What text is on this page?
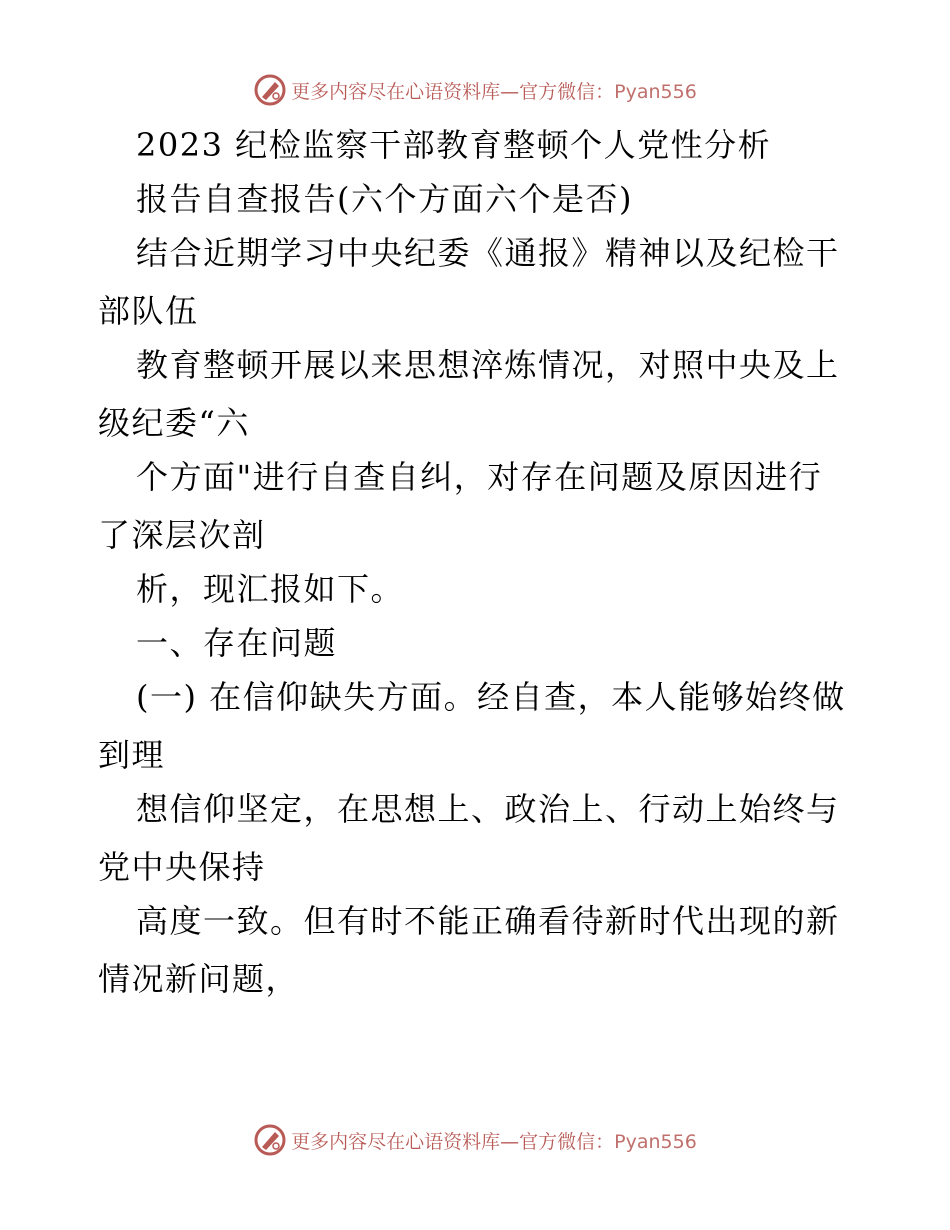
更多内容尽在心语资料库—官方微信：Pyan556
2023 纪检监察干部教育整顿个人党性分析
报告自查报告(六个方面六个是否)
结合近期学习中央纪委《通报》精神以及纪检干
部队伍
教育整顿开展以来思想淬炼情况，对照中央及上
级纪委“六
个方面"进行自查自纠，对存在问题及原因进行
了深层次剖
析，现汇报如下。
一、存在问题
(一) 在信仰缺失方面。经自查，本人能够始终做
到理
想信仰坚定，在思想上、政治上、行动上始终与
党中央保持
高度一致。但有时不能正确看待新时代出现的新
情况新问题，
更多内容尽在心语资料库—官方微信：Pyan556
